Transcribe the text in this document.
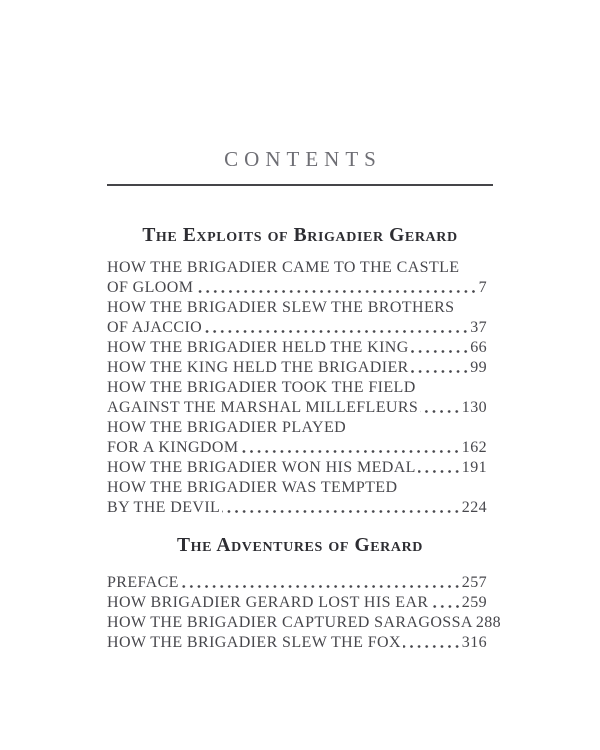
CONTENTS
The Exploits of Brigadier Gerard
HOW THE BRIGADIER CAME TO THE CASTLE
OF GLOOM	7
HOW THE BRIGADIER SLEW THE BROTHERS
OF AJACCIO	37
HOW THE BRIGADIER HELD THE KING	66
HOW THE KING HELD THE BRIGADIER	99
HOW THE BRIGADIER TOOK THE FIELD
AGAINST THE MARSHAL MILLEFLEURS	130
HOW THE BRIGADIER PLAYED
FOR A KINGDOM	162
HOW THE BRIGADIER WON HIS MEDAL	191
HOW THE BRIGADIER WAS TEMPTED
BY THE DEVIL	224
The Adventures of Gerard
PREFACE	257
HOW BRIGADIER GERARD LOST HIS EAR 259
HOW THE BRIGADIER CAPTURED SARAGOSSA 288
HOW THE BRIGADIER SLEW THE FOX	316
